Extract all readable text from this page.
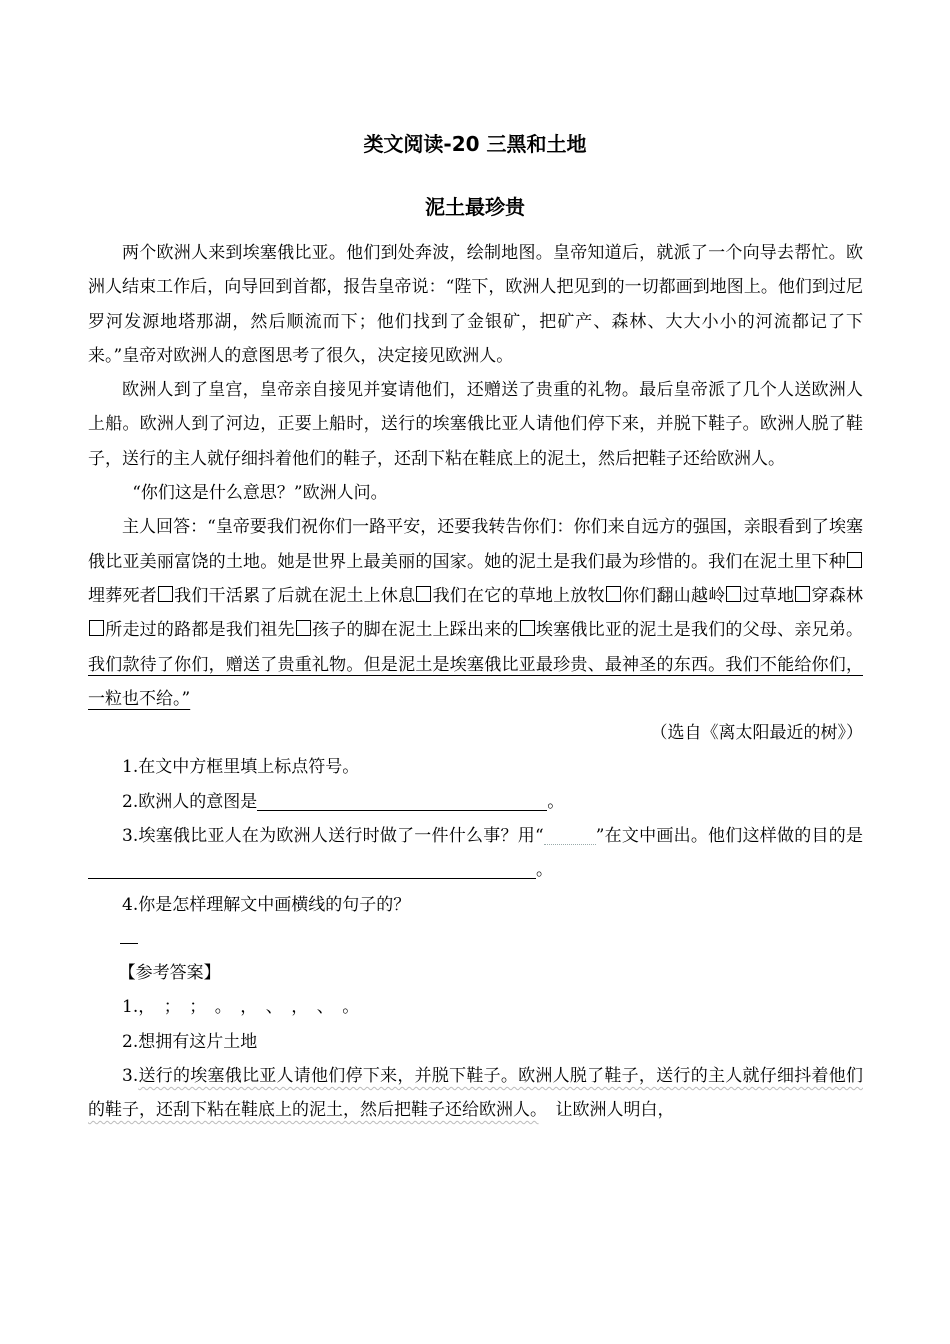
类文阅读-20 三黑和土地
泥土最珍贵

两个欧洲人来到埃塞俄比亚。他们到处奔波，绘制地图。皇帝知道后，就派了一个向导去帮忙。欧洲人结束工作后，向导回到首都，报告皇帝说：“陛下，欧洲人把见到的一切都画到地图上。他们到过尼罗河发源地塔那湖，然后顺流而下；他们找到了金银矿，把矿产、森林、大大小小的河流都记了下来。”皇帝对欧洲人的意图思考了很久，决定接见欧洲人。

欧洲人到了皇宫，皇帝亲自接见并宴请他们，还赠送了贵重的礼物。最后皇帝派了几个人送欧洲人上船。欧洲人到了河边，正要上船时，送行的埃塞俄比亚人请他们停下来，并脱下鞋子。欧洲人脱了鞋子，送行的主人就仔细抖着他们的鞋子，还刮下粘在鞋底上的泥土，然后把鞋子还给欧洲人。

“你们这是什么意思？”欧洲人问。

主人回答：“皇帝要我们祝你们一路平安，还要我转告你们：你们来自远方的强国，亲眼看到了埃塞俄比亚美丽富饶的土地。她是世界上最美丽的国家。她的泥土是我们最为珍惜的。我们在泥土里下种埋葬死者 我们干活累了后就在泥土上休息 我们在它的草地上放牧 你们翻山越岭 过草地 穿森林所走过的路都是我们祖先 孩子的脚在泥土上踩出来的 埃塞俄比亚的泥土是我们的父母、亲兄弟。我们款待了你们，赠送了贵重礼物。但是泥土是埃塞俄比亚最珍贵、最神圣的东西。我们不能给你们，一粒也不给。”

（选自《离太阳最近的树》）

1.在文中方框里填上标点符号。

2.欧洲人的意图是	。

3.埃塞俄比亚人在为欧洲人送行时做了一件什么事？用“	”在文中画出。他们这样做的目的是。

4.你是怎样理解文中画横线的句子的？

【参考答案】

1.，　；　；　。　，　、　，　、　。

2.想拥有这片土地

3.送行的埃塞俄比亚人请他们停下来，并脱下鞋子。欧洲人脱了鞋子，送行的主人就仔细抖着他们的鞋子，还刮下粘在鞋底上的泥土，然后把鞋子还给欧洲人。　让欧洲人明白，
